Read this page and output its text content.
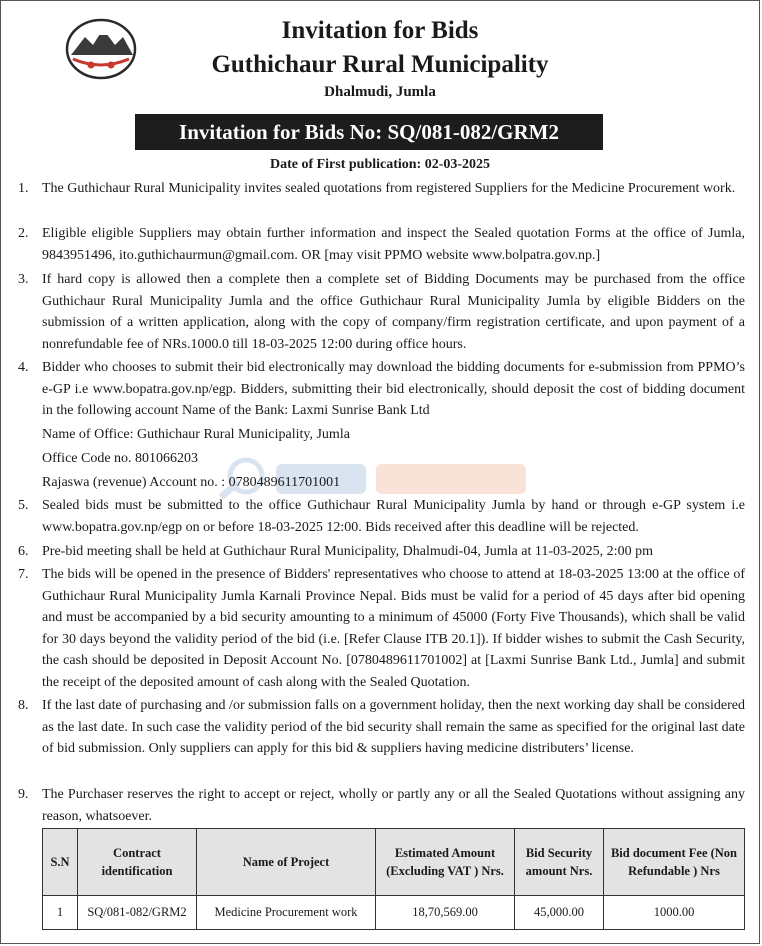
Invitation for Bids
Guthichaur Rural Municipality
Dhalmudi, Jumla
Invitation for Bids No: SQ/081-082/GRM2
Date of First publication: 02-03-2025
1. The Guthichaur Rural Municipality invites sealed quotations from registered Suppliers for the Medicine Procurement work.
2. Eligible eligible Suppliers may obtain further information and inspect the Sealed quotation Forms at the office of Jumla, 9843951496, ito.guthichaurmun@gmail.com. OR [may visit PPMO website www.bolpatra.gov.np.]
3. If hard copy is allowed then a complete then a complete set of Bidding Documents may be purchased from the office Guthichaur Rural Municipality Jumla and the office Guthichaur Rural Municipality Jumla by eligible Bidders on the submission of a written application, along with the copy of company/firm registration certificate, and upon payment of a nonrefundable fee of NRs.1000.0 till 18-03-2025 12:00 during office hours.
4. Bidder who chooses to submit their bid electronically may download the bidding documents for e-submission from PPMO’s e-GP i.e www.bopatra.gov.np/egp. Bidders, submitting their bid electronically, should deposit the cost of bidding document in the following account Name of the Bank: Laxmi Sunrise Bank Ltd
Name of Office: Guthichaur Rural Municipality, Jumla
Office Code no. 801066203
Rajaswa (revenue) Account no. : 0780489611701001
5. Sealed bids must be submitted to the office Guthichaur Rural Municipality Jumla by hand or through e-GP system i.e www.bopatra.gov.np/egp on or before 18-03-2025 12:00. Bids received after this deadline will be rejected.
6. Pre-bid meeting shall be held at Guthichaur Rural Municipality, Dhalmudi-04, Jumla at 11-03-2025, 2:00 pm
7. The bids will be opened in the presence of Bidders' representatives who choose to attend at 18-03-2025 13:00 at the office of Guthichaur Rural Municipality Jumla Karnali Province Nepal. Bids must be valid for a period of 45 days after bid opening and must be accompanied by a bid security amounting to a minimum of 45000 (Forty Five Thousands), which shall be valid for 30 days beyond the validity period of the bid (i.e. [Refer Clause ITB 20.1]). If bidder wishes to submit the Cash Security, the cash should be deposited in Deposit Account No. [0780489611701002] at [Laxmi Sunrise Bank Ltd., Jumla] and submit the receipt of the deposited amount of cash along with the Sealed Quotation.
8. If the last date of purchasing and /or submission falls on a government holiday, then the next working day shall be considered as the last date. In such case the validity period of the bid security shall remain the same as specified for the original last date of bid submission. Only suppliers can apply for this bid & suppliers having medicine distributers’ license.
9. The Purchaser reserves the right to accept or reject, wholly or partly any or all the Sealed Quotations without assigning any reason, whatsoever.
S.N	Contract identification	Name of Project	Estimated Amount (Excluding VAT ) Nrs.	Bid Security amount Nrs.	Bid document Fee (Non Refundable ) Nrs
1	SQ/081-082/GRM2	Medicine Procurement work	18,70,569.00	45,000.00	1000.00
